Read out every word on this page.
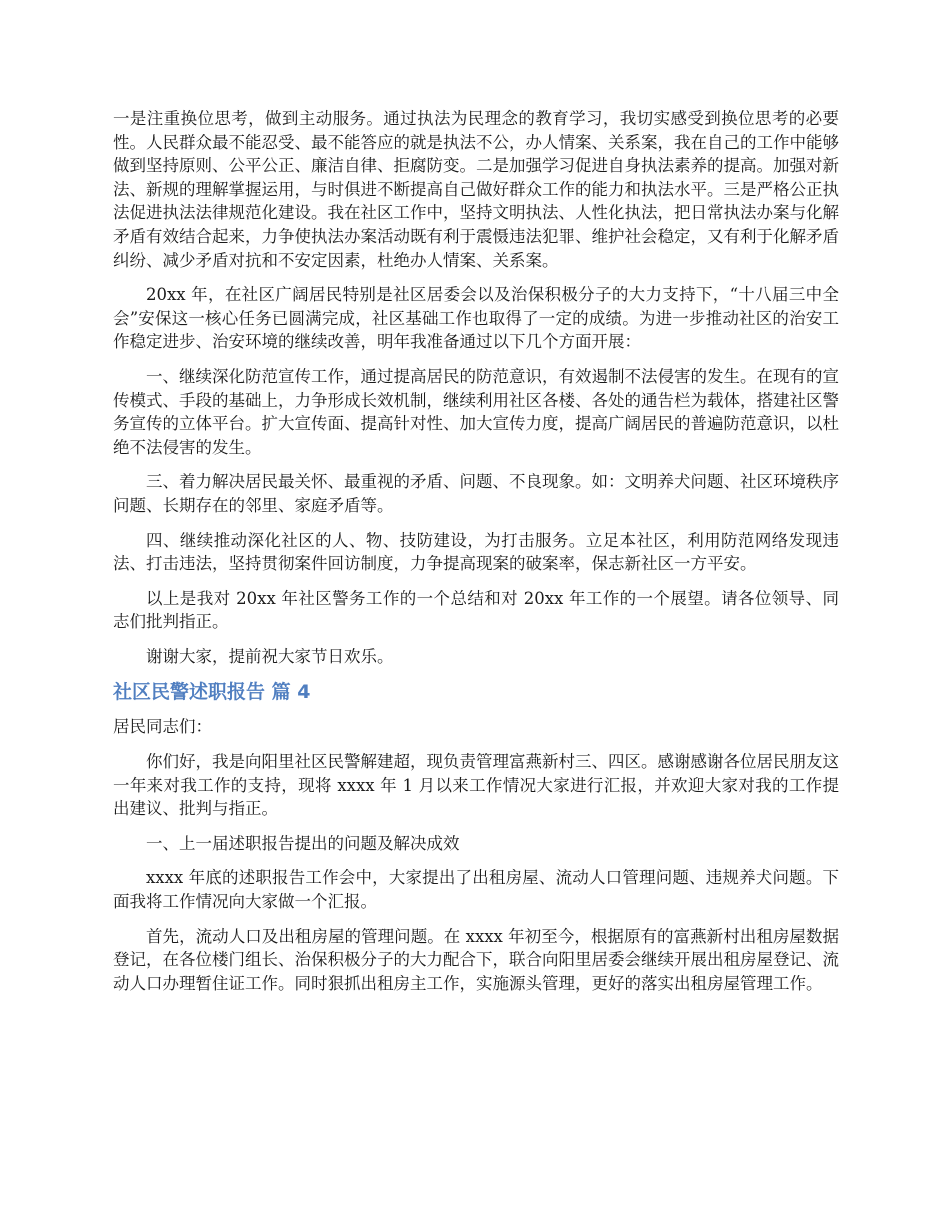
一是注重换位思考，做到主动服务。通过执法为民理念的教育学习，我切实感受到换位思考的必要性。人民群众最不能忍受、最不能答应的就是执法不公，办人情案、关系案，我在自己的工作中能够做到坚持原则、公平公正、廉洁自律、拒腐防变。二是加强学习促进自身执法素养的提高。加强对新法、新规的理解掌握运用，与时俱进不断提高自己做好群众工作的能力和执法水平。三是严格公正执法促进执法法律规范化建设。我在社区工作中，坚持文明执法、人性化执法，把日常执法办案与化解矛盾有效结合起来，力争使执法办案活动既有利于震慑违法犯罪、维护社会稳定，又有利于化解矛盾纠纷、减少矛盾对抗和不安定因素，杜绝办人情案、关系案。

20xx 年，在社区广阔居民特别是社区居委会以及治保积极分子的大力支持下，“十八届三中全会”安保这一核心任务已圆满完成，社区基础工作也取得了一定的成绩。为进一步推动社区的治安工作稳定进步、治安环境的继续改善，明年我准备通过以下几个方面开展：

一、继续深化防范宣传工作，通过提高居民的防范意识，有效遏制不法侵害的发生。在现有的宣传模式、手段的基础上，力争形成长效机制，继续利用社区各楼、各处的通告栏为载体，搭建社区警务宣传的立体平台。扩大宣传面、提高针对性、加大宣传力度，提高广阔居民的普遍防范意识，以杜绝不法侵害的发生。

三、着力解决居民最关怀、最重视的矛盾、问题、不良现象。如：文明养犬问题、社区环境秩序问题、长期存在的邻里、家庭矛盾等。

四、继续推动深化社区的人、物、技防建设，为打击服务。立足本社区，利用防范网络发现违法、打击违法，坚持贯彻案件回访制度，力争提高现案的破案率，保志新社区一方平安。

以上是我对 20xx 年社区警务工作的一个总结和对 20xx 年工作的一个展望。请各位领导、同志们批判指正。

谢谢大家，提前祝大家节日欢乐。

社区民警述职报告 篇 4

居民同志们：

你们好，我是向阳里社区民警解建超，现负责管理富燕新村三、四区。感谢感谢各位居民朋友这一年来对我工作的支持，现将 xxxx 年 1 月以来工作情况大家进行汇报，并欢迎大家对我的工作提出建议、批判与指正。

一、上一届述职报告提出的问题及解决成效

xxxx 年底的述职报告工作会中，大家提出了出租房屋、流动人口管理问题、违规养犬问题。下面我将工作情况向大家做一个汇报。

首先，流动人口及出租房屋的管理问题。在 xxxx 年初至今，根据原有的富燕新村出租房屋数据登记，在各位楼门组长、治保积极分子的大力配合下，联合向阳里居委会继续开展出租房屋登记、流动人口办理暂住证工作。同时狠抓出租房主工作，实施源头管理，更好的落实出租房屋管理工作。
